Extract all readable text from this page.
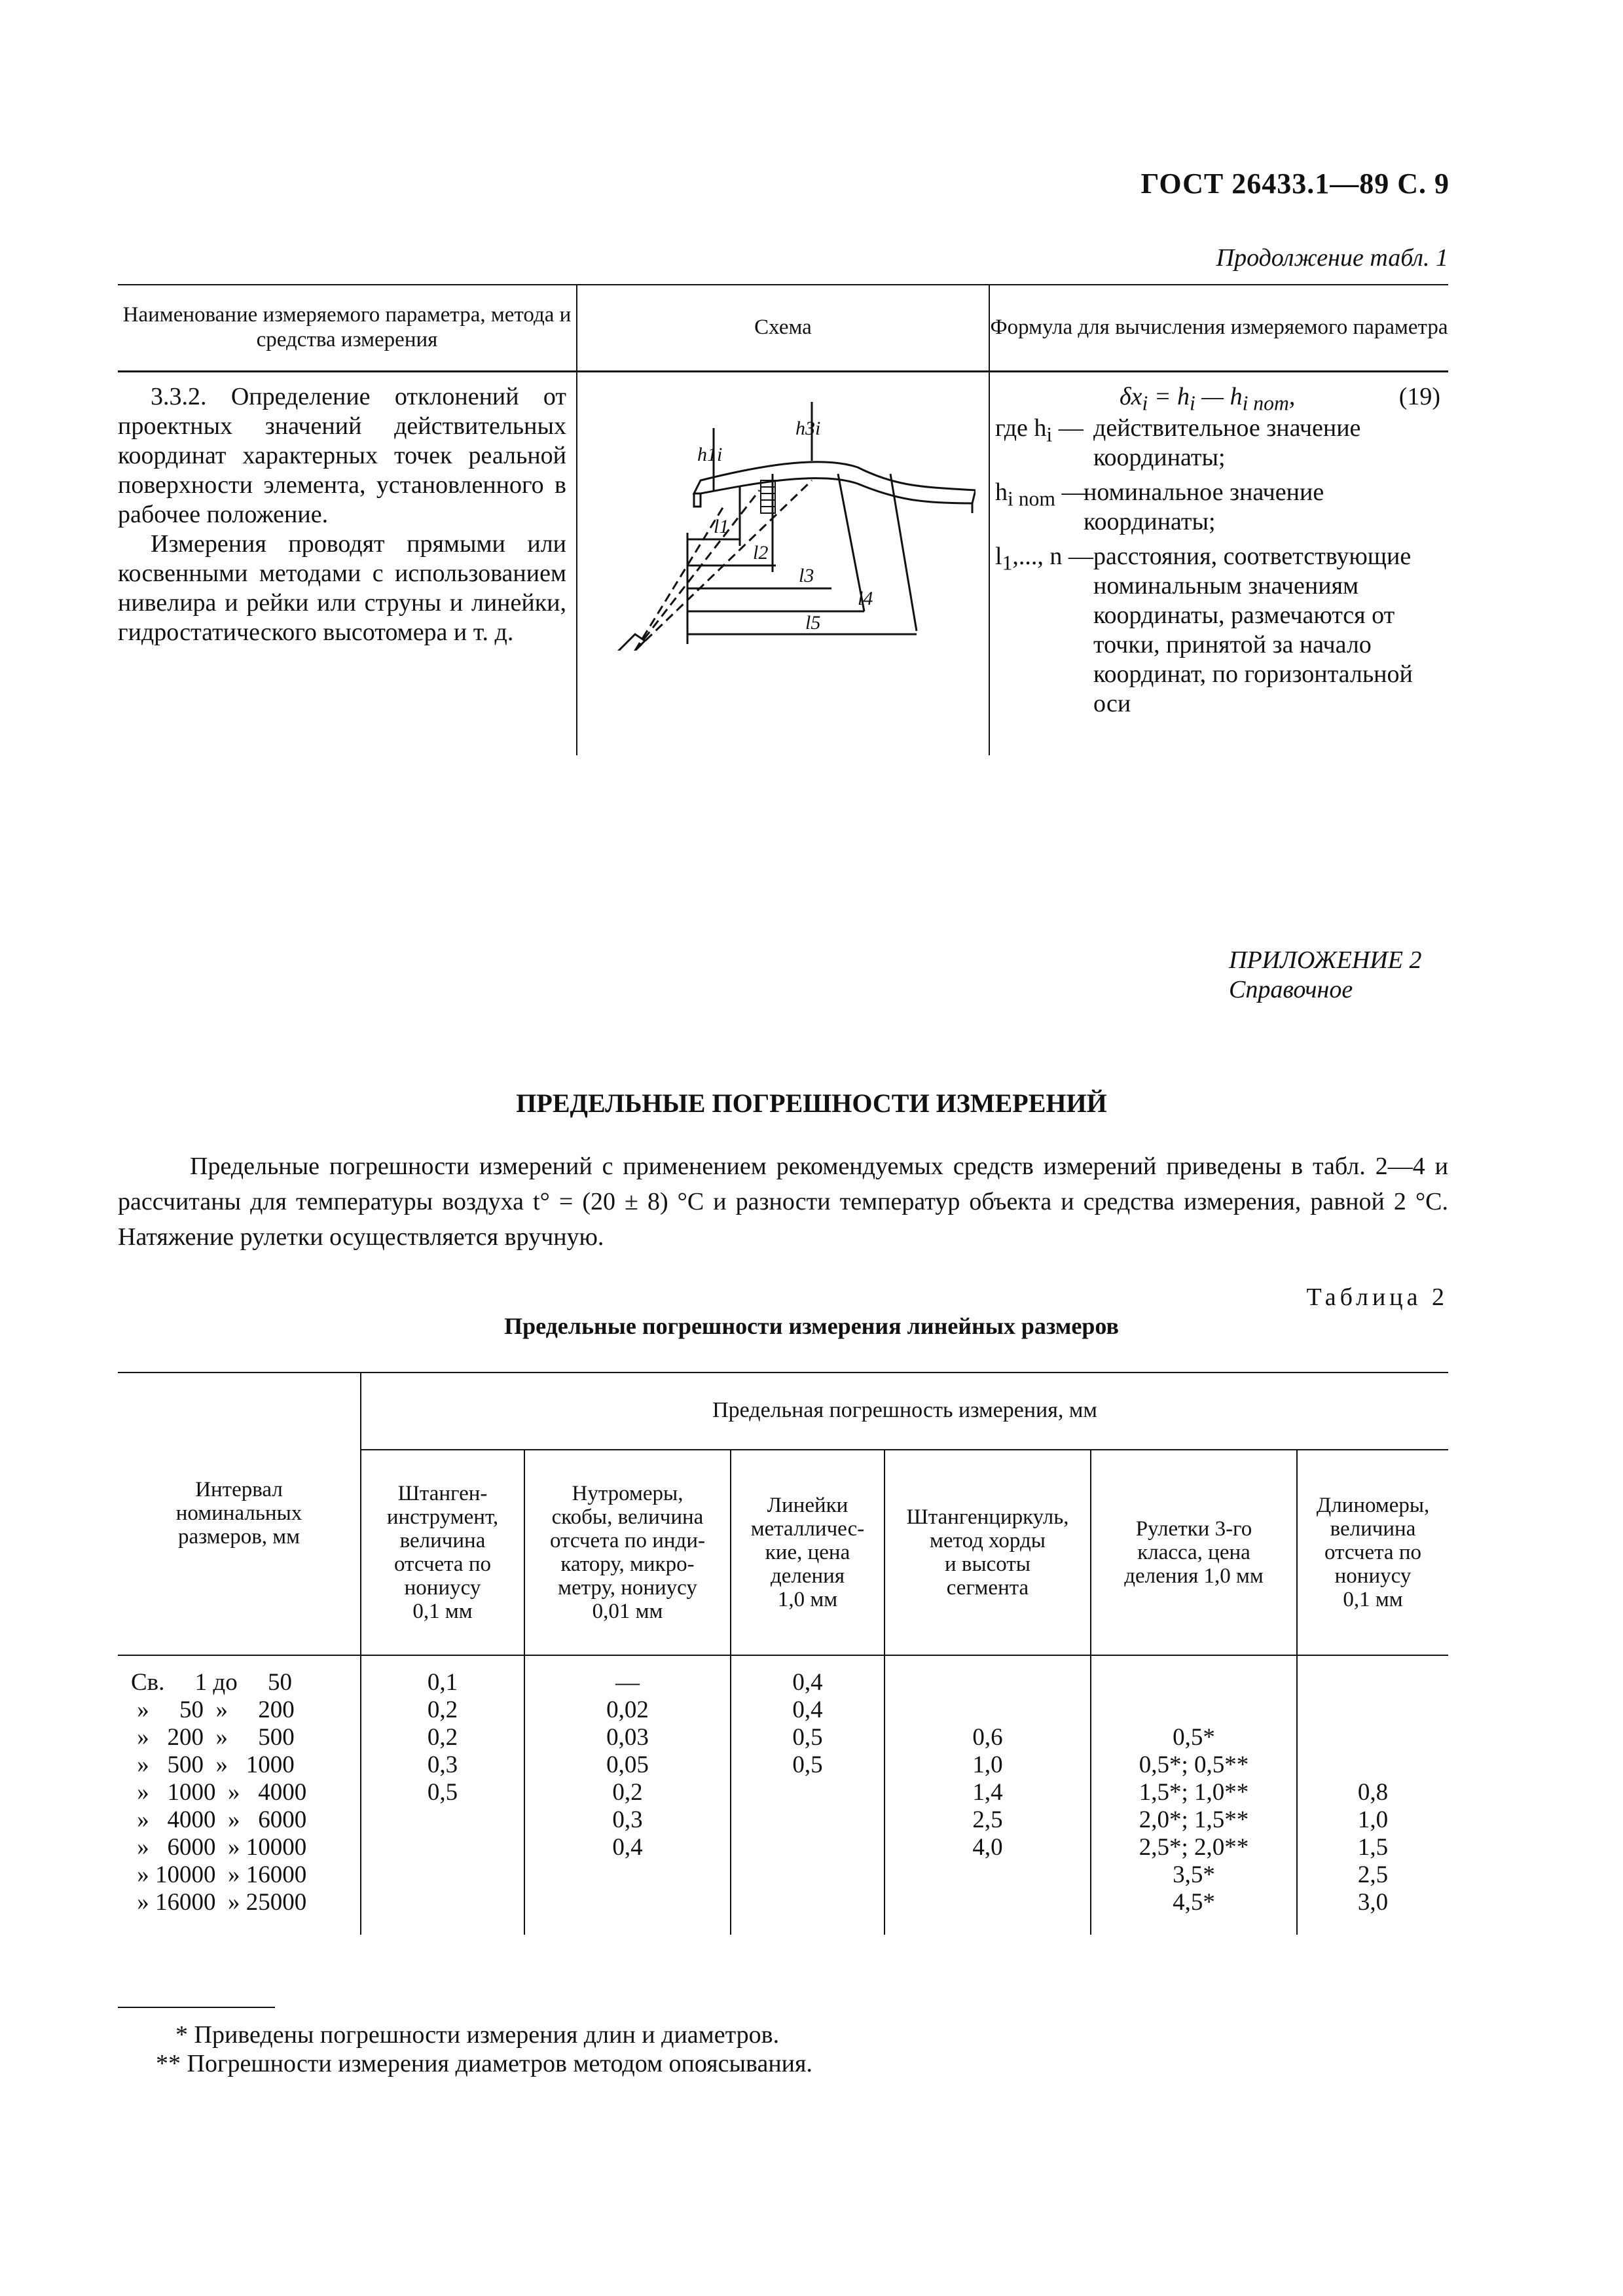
ГОСТ 26433.1—89 С. 9
Продолжение табл. 1
Наименование измеряемого параметра, метода и средства измерения
Схема	Формула для вычисления измеряемого параметра
3.3.2. Определение отклонений от проектных значений действительных координат характерных точек реальной поверхности элемента, установленного в рабочее положение.
Измерения проводят прямыми или косвенными методами с использованием нивелира и рейки или струны и линейки, гидростатического высотомера и т. д.
h1i
h3i
l1
l2
l3
l4
l5
$\delta x_i = h_i$ — $h_{i nom}$,	(19)
где $h_i$ — действительное значение координаты;
$h_{i nom}$ —
номинальное значение координаты;
$l_1$,..., n — расстояния, соответствующие номинальным значениям координаты, размечаются от точки, принятой за начало координат, по горизонтальной оси
ПРИЛОЖЕНИЕ 2
Справочное
ПРЕДЕЛЬНЫЕ ПОГРЕШНОСТИ ИЗМЕРЕНИЙ
Предельные погрешности измерений с применением рекомендуемых средств измерений приведены в табл. 2—4 и рассчитаны для температуры воздуха t° = (20 ± 8) °С и разности температур объекта и средства измерения, равной 2 °С. Натяжение рулетки осуществляется вручную.
Таблица 2
Предельные погрешности измерения линейных размеров
Интервал номинальных размеров, мм
Предельная погрешность измерения, мм
Штанген-
инструмент,
величина
отсчета по
нониусу
0,1 мм
Нутромеры,
скобы, величина
отсчета по инди-
катору, микро-
метру, нониусу
0,01 мм
Линейки
металличес-
кие, цена
деления
1,0 мм
Штангенциркуль,
метод хорды
и высоты
сегмента
Рулетки 3-го
класса, цена
деления 1,0 мм
Длиномеры,
величина
отсчета по
нониусу
0,1 мм
Св.     1 до     50
»     50  »     200
»   200  »     500
»   500  »   1000
»   1000  »   4000
»   4000  »   6000
»   6000  » 10000
» 10000  » 16000
» 16000  » 25000
0,1
0,2
0,2
0,3
0,5

—
0,02
0,03
0,05
0,2
0,3
0,4

0,4
0,4
0,5
0,5

0,6
1,0
1,4
2,5
4,0

0,5*
0,5*; 0,5**
1,5*; 1,0**
2,0*; 1,5**
2,5*; 2,0**
3,5*
4,5*

0,8
1,0
1,5
2,5
3,0
* Приведены погрешности измерения длин и диаметров.
** Погрешности измерения диаметров методом опоясывания.
